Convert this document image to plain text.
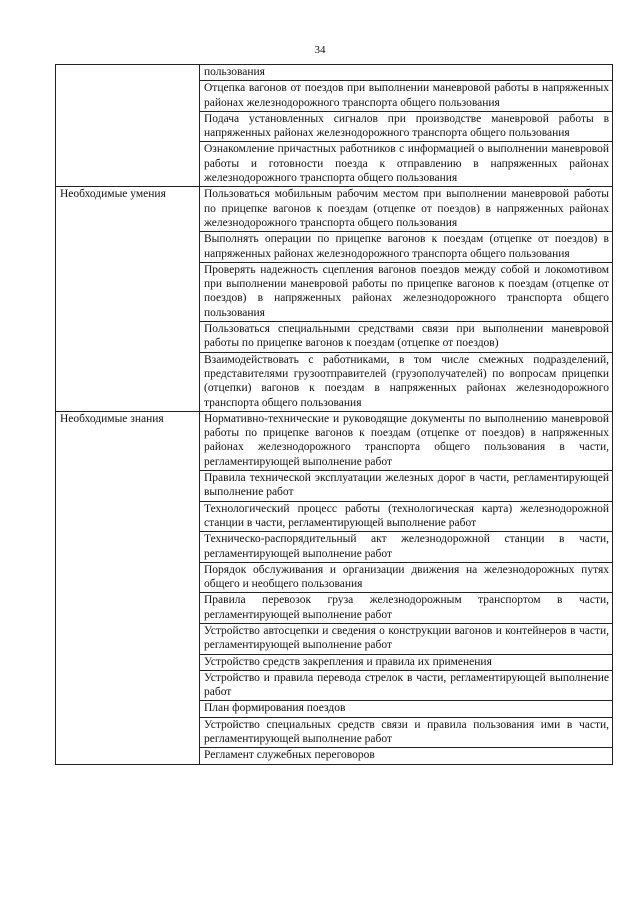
34
	пользования
	Отцепка вагонов от поездов при выполнении маневровой работы в напряженных районах железнодорожного транспорта общего пользования
	Подача установленных сигналов при производстве маневровой работы в напряженных районах железнодорожного транспорта общего пользования
	Ознакомление причастных работников с информацией о выполнении маневровой работы и готовности поезда к отправлению в напряженных районах железнодорожного транспорта общего пользования
Необходимые умения	Пользоваться мобильным рабочим местом при выполнении маневровой работы по прицепке вагонов к поездам (отцепке от поездов) в напряженных районах железнодорожного транспорта общего пользования
	Выполнять операции по прицепке вагонов к поездам (отцепке от поездов) в напряженных районах железнодорожного транспорта общего пользования
	Проверять надежность сцепления вагонов поездов между собой и локомотивом при выполнении маневровой работы по прицепке вагонов к поездам (отцепке от поездов) в напряженных районах железнодорожного транспорта общего пользования
	Пользоваться специальными средствами связи при выполнении маневровой работы по прицепке вагонов к поездам (отцепке от поездов)
	Взаимодействовать с работниками, в том числе смежных подразделений, представителями грузоотправителей (грузополучателей) по вопросам прицепки (отцепки) вагонов к поездам в напряженных районах железнодорожного транспорта общего пользования
Необходимые знания	Нормативно-технические и руководящие документы по выполнению маневровой работы по прицепке вагонов к поездам (отцепке от поездов) в напряженных районах железнодорожного транспорта общего пользования в части, регламентирующей выполнение работ
	Правила технической эксплуатации железных дорог в части, регламентирующей выполнение работ
	Технологический процесс работы (технологическая карта) железнодорожной станции в части, регламентирующей выполнение работ
	Техническо-распорядительный акт железнодорожной станции в части, регламентирующей выполнение работ
	Порядок обслуживания и организации движения на железнодорожных путях общего и необщего пользования
	Правила перевозок груза железнодорожным транспортом в части, регламентирующей выполнение работ
	Устройство автосцепки и сведения о конструкции вагонов и контейнеров в части, регламентирующей выполнение работ
	Устройство средств закрепления и правила их применения
	Устройство и правила перевода стрелок в части, регламентирующей выполнение работ
	План формирования поездов
	Устройство специальных средств связи и правила пользования ими в части, регламентирующей выполнение работ
	Регламент служебных переговоров
